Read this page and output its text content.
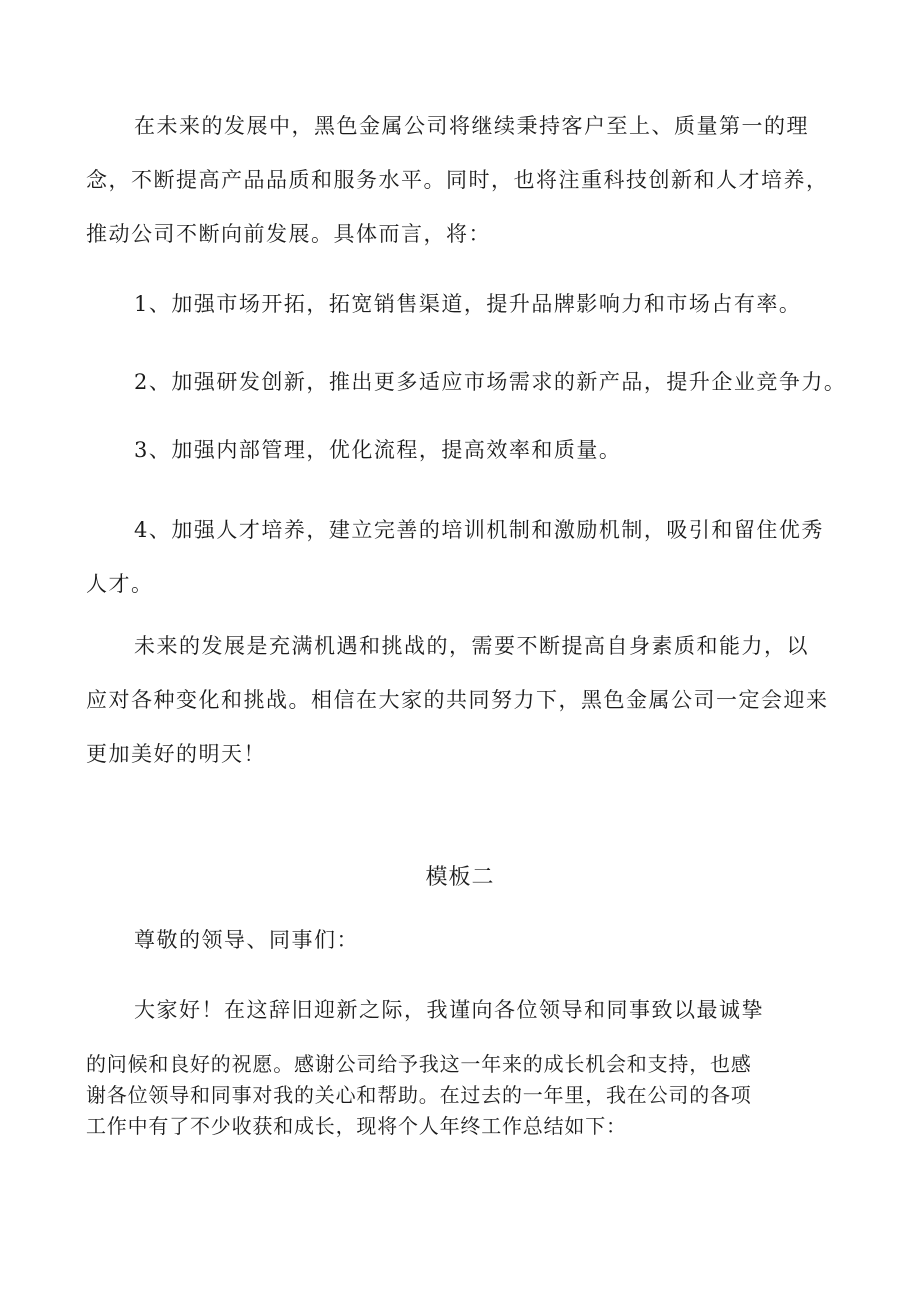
在未来的发展中，黑色金属公司将继续秉持客户至上、质量第一的理
念，不断提高产品品质和服务水平。同时，也将注重科技创新和人才培养，
推动公司不断向前发展。具体而言，将：
1、加强市场开拓，拓宽销售渠道，提升品牌影响力和市场占有率。
2、加强研发创新，推出更多适应市场需求的新产品，提升企业竞争力。
3、加强内部管理，优化流程，提高效率和质量。
4、加强人才培养，建立完善的培训机制和激励机制，吸引和留住优秀
人才。
未来的发展是充满机遇和挑战的，需要不断提高自身素质和能力，以
应对各种变化和挑战。相信在大家的共同努力下，黑色金属公司一定会迎来
更加美好的明天！
模板二
尊敬的领导、同事们：
大家好！在这辞旧迎新之际，我谨向各位领导和同事致以最诚挚
的问候和良好的祝愿。感谢公司给予我这一年来的成长机会和支持，也感
谢各位领导和同事对我的关心和帮助。在过去的一年里，我在公司的各项
工作中有了不少收获和成长，现将个人年终工作总结如下：
